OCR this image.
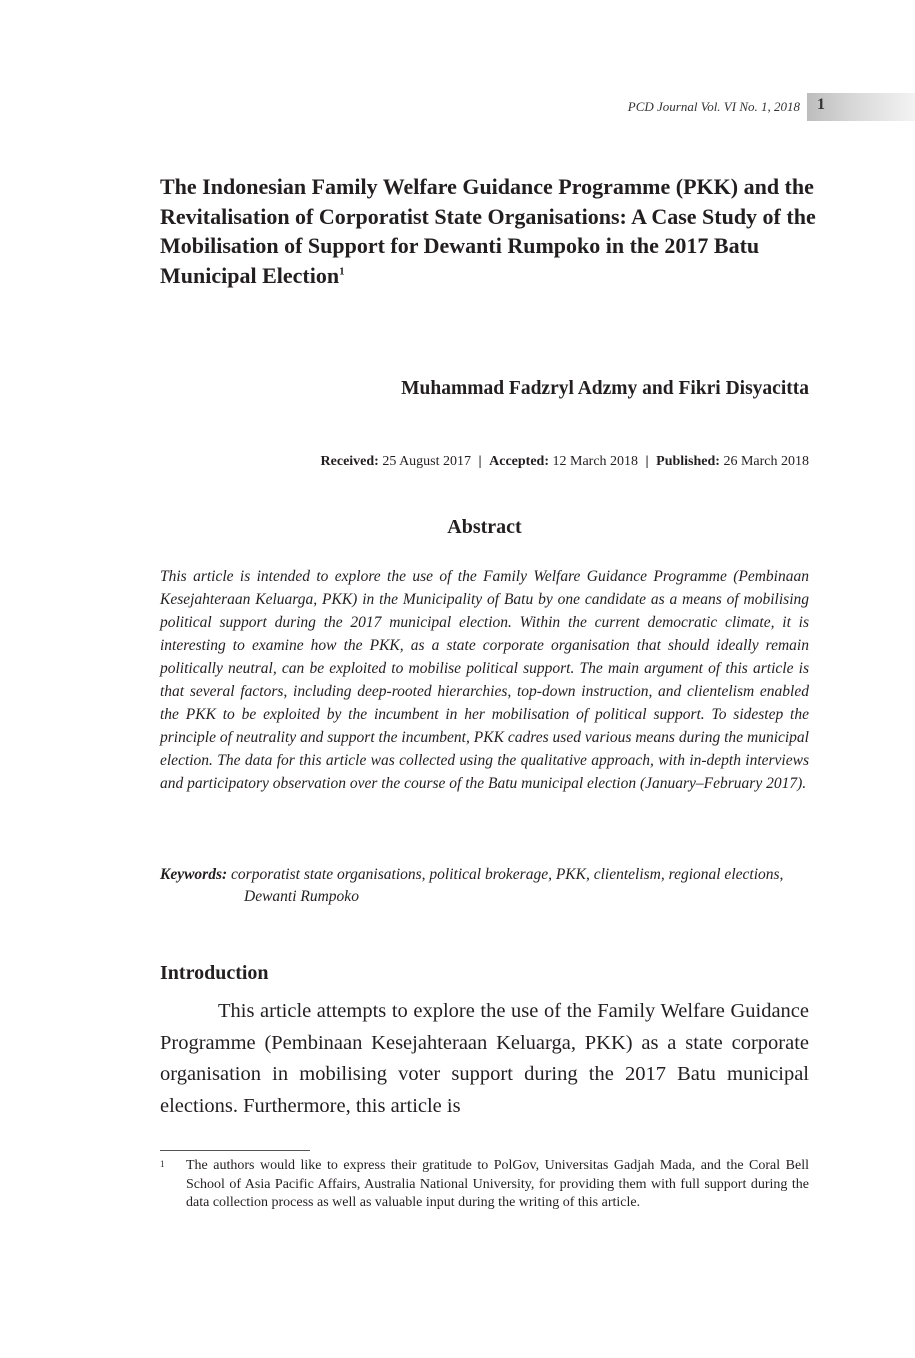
PCD Journal Vol. VI No. 1, 2018 1
The Indonesian Family Welfare Guidance Programme (PKK) and the Revitalisation of Corporatist State Organisations: A Case Study of the Mobilisation of Support for Dewanti Rumpoko in the 2017 Batu Municipal Election$^1$
Muhammad Fadzryl Adzmy and Fikri Disyacitta
Received: 25 August 2017 | Accepted: 12 March 2018 | Published: 26 March 2018
Abstract

This article is intended to explore the use of the Family Welfare Guidance Programme (Pembinaan Kesejahteraan Keluarga, PKK) in the Municipality of Batu by one candidate as a means of mobilising political support during the 2017 municipal election. Within the current democratic climate, it is interesting to examine how the PKK, as a state corporate organisation that should ideally remain politically neutral, can be exploited to mobilise political support. The main argument of this article is that several factors, including deep-rooted hierarchies, top-down instruction, and clientelism enabled the PKK to be exploited by the incumbent in her mobilisation of political support. To sidestep the principle of neutrality and support the incumbent, PKK cadres used various means during the municipal election. The data for this article was collected using the qualitative approach, with in-depth interviews and participatory observation over the course of the Batu municipal election (January–February 2017).

Keywords: corporatist state organisations, political brokerage, PKK, clientelism, regional elections, Dewanti Rumpoko

Introduction

This article attempts to explore the use of the Family Welfare Guidance Programme (Pembinaan Kesejahteraan Keluarga, PKK) as a state corporate organisation in mobilising voter support during the 2017 Batu municipal elections. Furthermore, this article is

1 The authors would like to express their gratitude to PolGov, Universitas Gadjah Mada, and the Coral Bell School of Asia Pacific Affairs, Australia National University, for providing them with full support during the data collection process as well as valuable input during the writing of this article.
